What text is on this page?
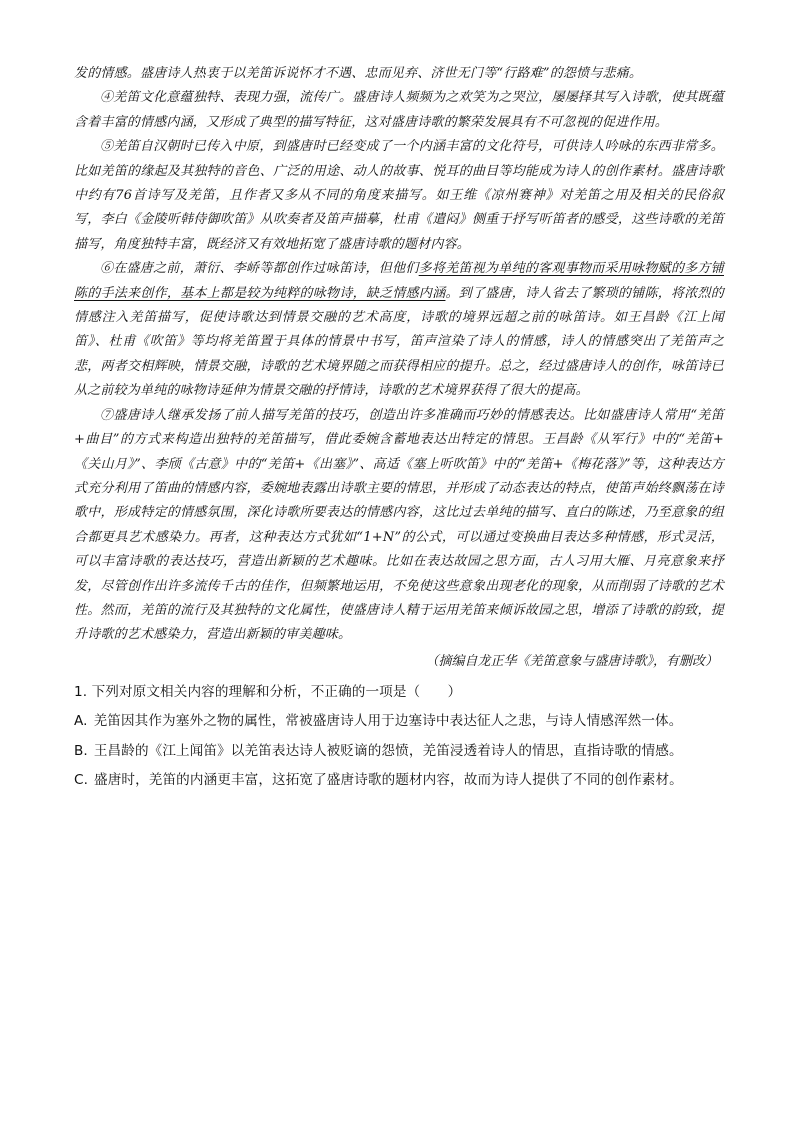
发的情感。盛唐诗人热衷于以羌笛诉说怀才不遇、忠而见弃、济世无门等“行路难”的怨愤与悲痛。

④羌笛文化意蕴独特、表现力强，流传广。盛唐诗人频频为之欢笑为之哭泣，屡屡择其写入诗歌，使其既蕴含着丰富的情感内涵，又形成了典型的描写特征，这对盛唐诗歌的繁荣发展具有不可忽视的促进作用。

⑤羌笛自汉朝时已传入中原，到盛唐时已经变成了一个内涵丰富的文化符号，可供诗人吟咏的东西非常多。比如羌笛的缘起及其独特的音色、广泛的用途、动人的故事、悦耳的曲目等均能成为诗人的创作素材。盛唐诗歌中约有76首诗写及羌笛，且作者又多从不同的角度来描写。如王维《凉州赛神》对羌笛之用及相关的民俗叙写，李白《金陵听韩侍御吹笛》从吹奏者及笛声描摹，杜甫《遣闷》侧重于抒写听笛者的感受，这些诗歌的羌笛描写，角度独特丰富，既经济又有效地拓宽了盛唐诗歌的题材内容。

⑥在盛唐之前，萧衍、李峤等都创作过咏笛诗，但他们多将羌笛视为单纯的客观事物而采用咏物赋的多方铺陈的手法来创作，基本上都是较为纯粹的咏物诗，缺乏情感内涵。到了盛唐，诗人省去了繁琐的铺陈，将浓烈的情感注入羌笛描写，促使诗歌达到情景交融的艺术高度，诗歌的境界远超之前的咏笛诗。如王昌龄《江上闻笛》、杜甫《吹笛》等均将羌笛置于具体的情景中书写，笛声渲染了诗人的情感，诗人的情感突出了羌笛声之悲，两者交相辉映，情景交融，诗歌的艺术境界随之而获得相应的提升。总之，经过盛唐诗人的创作，咏笛诗已从之前较为单纯的咏物诗延伸为情景交融的抒情诗，诗歌的艺术境界获得了很大的提高。

⑦盛唐诗人继承发扬了前人描写羌笛的技巧，创造出许多准确而巧妙的情感表达。比如盛唐诗人常用“羌笛+曲目”的方式来构造出独特的羌笛描写，借此委婉含蓄地表达出特定的情思。王昌龄《从军行》中的“羌笛+《关山月》”、李颀《古意》中的“羌笛+《出塞》”、高适《塞上听吹笛》中的“羌笛+《梅花落》”等，这种表达方式充分利用了笛曲的情感内容，委婉地表露出诗歌主要的情思，并形成了动态表达的特点，使笛声始终飘荡在诗歌中，形成特定的情感氛围，深化诗歌所要表达的情感内容，这比过去单纯的描写、直白的陈述，乃至意象的组合都更具艺术感染力。再者，这种表达方式犹如“1+N”的公式，可以通过变换曲目表达多种情感，形式灵活，可以丰富诗歌的表达技巧，营造出新颖的艺术趣味。比如在表达故园之思方面，古人习用大雁、月亮意象来抒发，尽管创作出许多流传千古的佳作，但频繁地运用，不免使这些意象出现老化的现象，从而削弱了诗歌的艺术性。然而，羌笛的流行及其独特的文化属性，使盛唐诗人精于运用羌笛来倾诉故园之思，增添了诗歌的韵致，提升诗歌的艺术感染力，营造出新颖的审美趣味。

（摘编自龙正华《羌笛意象与盛唐诗歌》，有删改）

1. 下列对原文相关内容的理解和分析，不正确的一项是（　　）

A. 羌笛因其作为塞外之物的属性，常被盛唐诗人用于边塞诗中表达征人之悲，与诗人情感浑然一体。

B. 王昌龄的《江上闻笛》以羌笛表达诗人被贬谪的怨愤，羌笛浸透着诗人的情思，直指诗歌的情感。

C. 盛唐时，羌笛的内涵更丰富，这拓宽了盛唐诗歌的题材内容，故而为诗人提供了不同的创作素材。
